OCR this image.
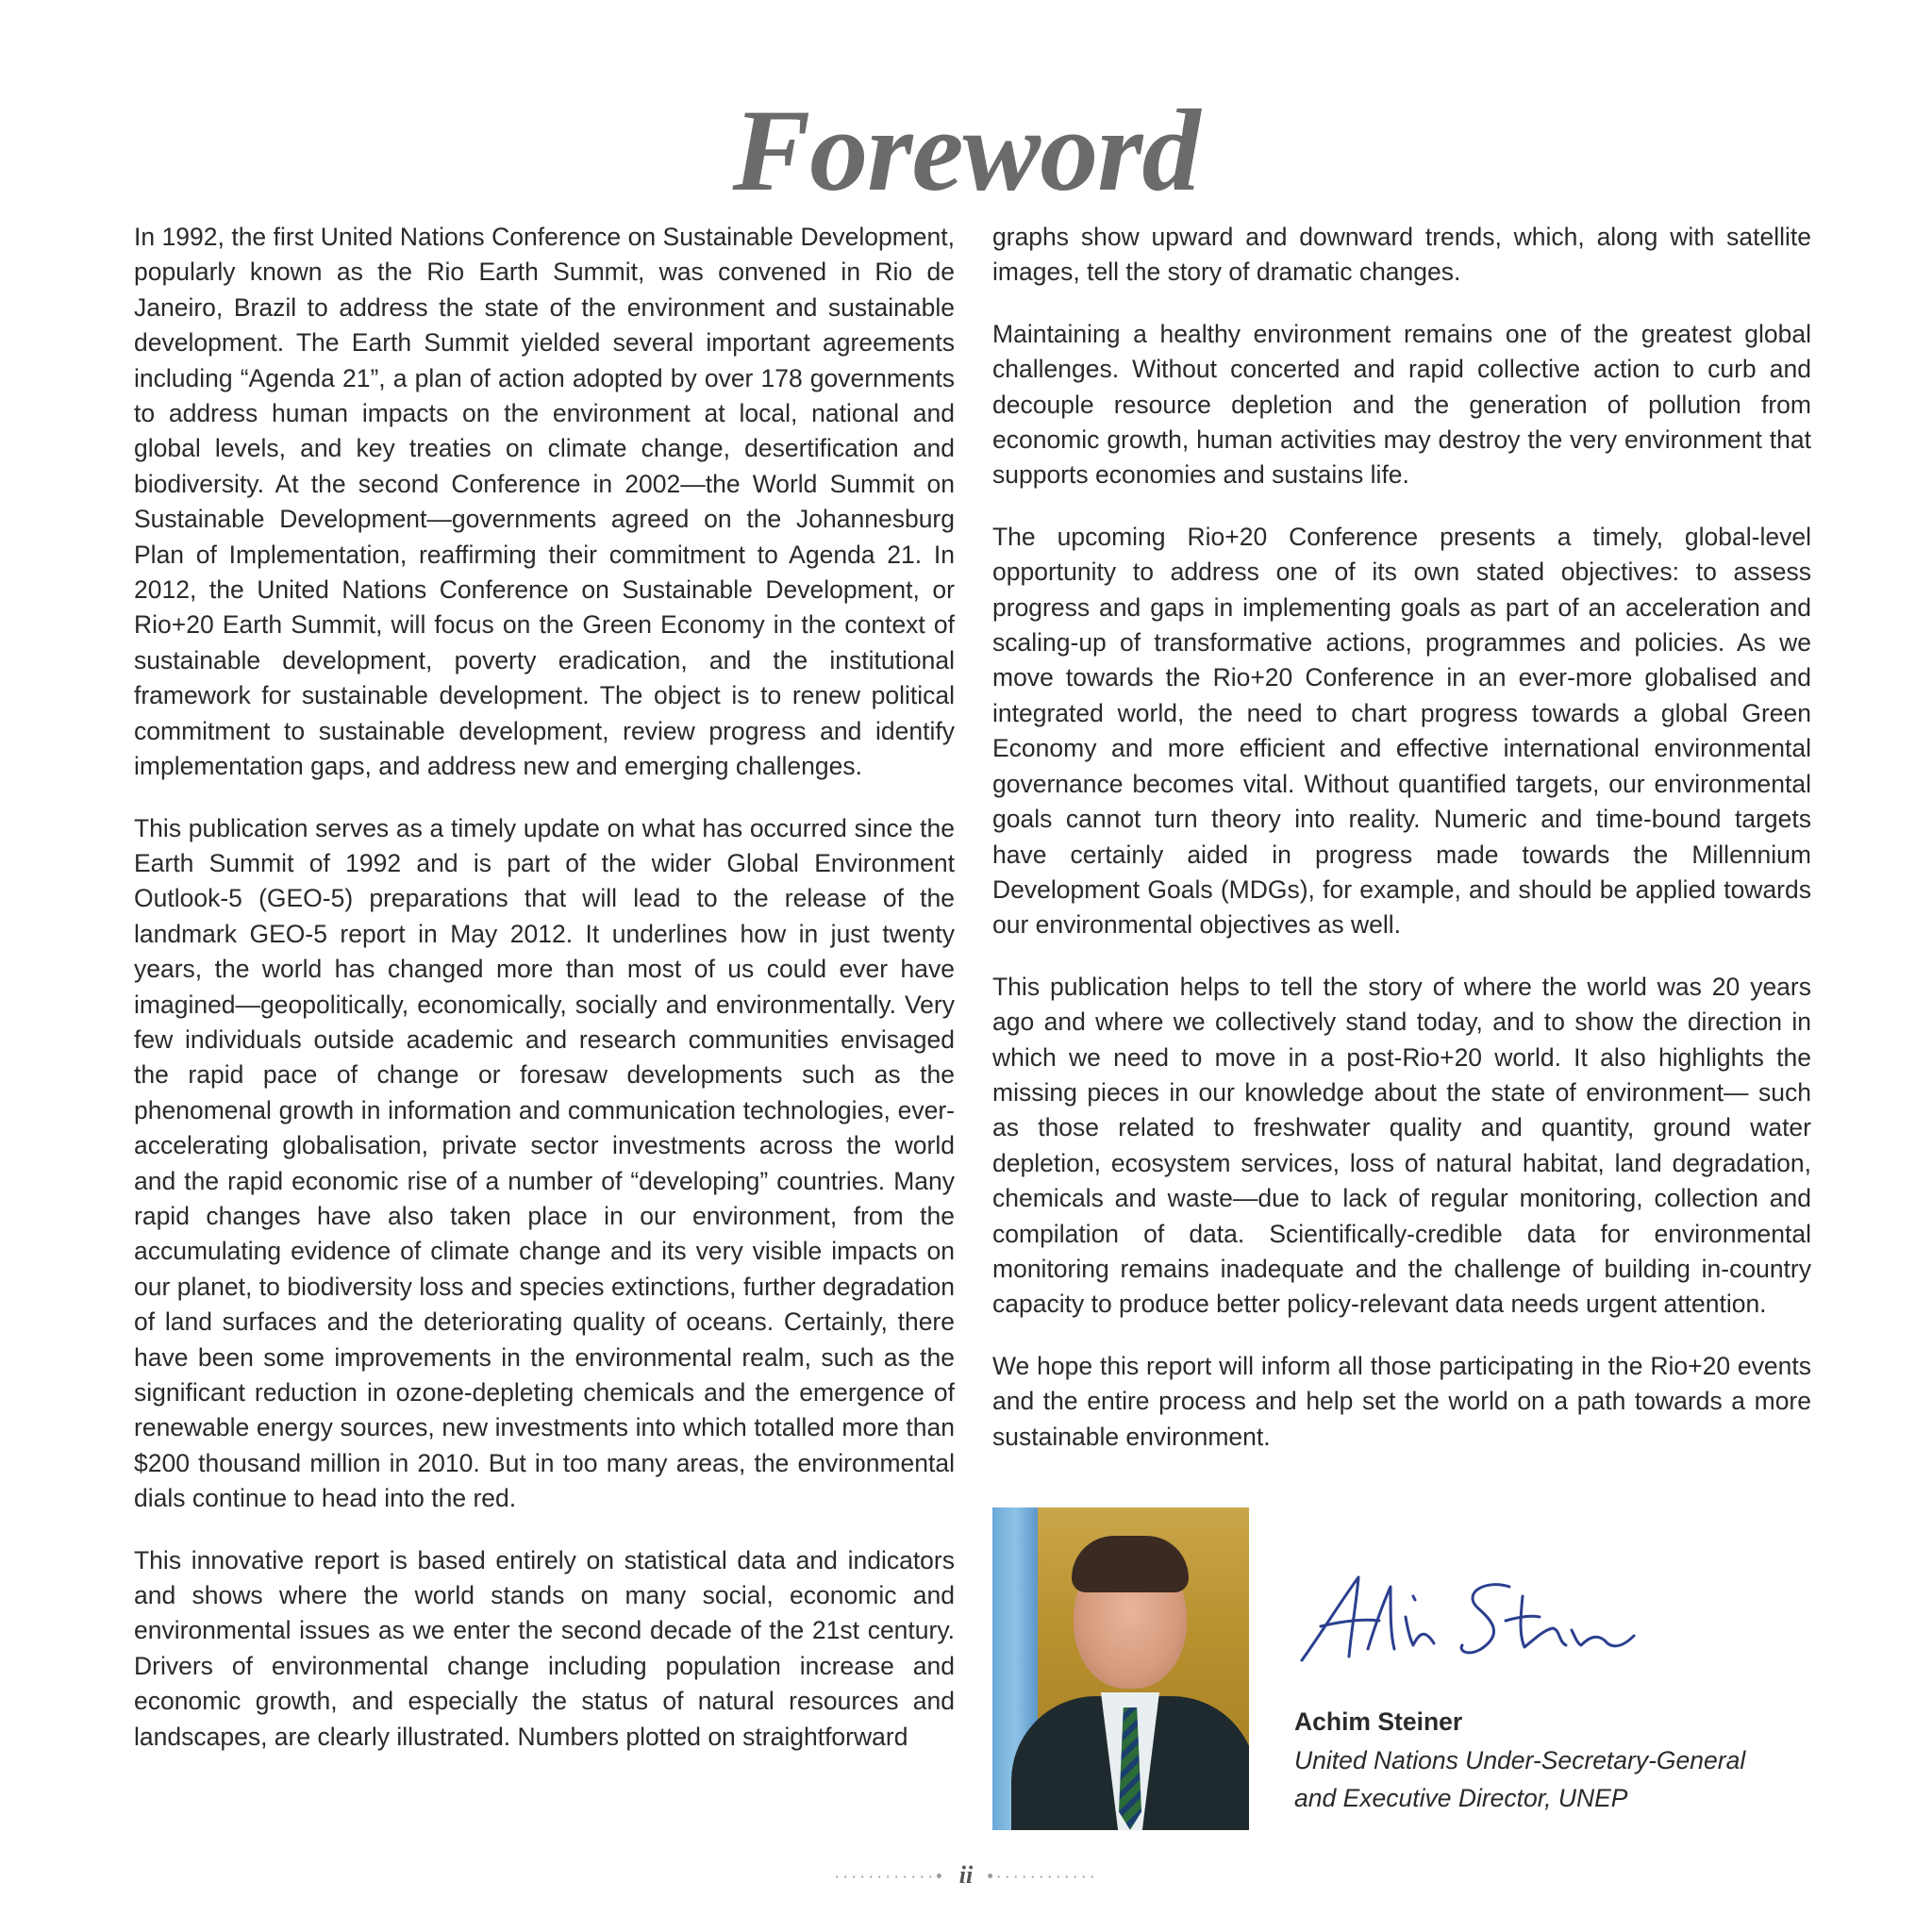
Foreword

In 1992, the first United Nations Conference on Sustainable Development, popularly known as the Rio Earth Summit, was convened in Rio de Janeiro, Brazil to address the state of the environment and sustainable development. The Earth Summit yielded several important agreements including “Agenda 21”, a plan of action adopted by over 178 governments to address human impacts on the environment at local, national and global levels, and key treaties on climate change, desertification and biodiversity. At the second Conference in 2002—the World Summit on Sustainable Development—governments agreed on the Johannesburg Plan of Implementation, reaffirming their commitment to Agenda 21. In 2012, the United Nations Conference on Sustainable Development, or Rio+20 Earth Summit, will focus on the Green Economy in the context of sustainable development, poverty eradication, and the institutional framework for sustainable development. The object is to renew political commitment to sustainable development, review progress and identify implementation gaps, and address new and emerging challenges.

This publication serves as a timely update on what has occurred since the Earth Summit of 1992 and is part of the wider Global Environment Outlook-5 (GEO-5) preparations that will lead to the release of the landmark GEO-5 report in May 2012. It underlines how in just twenty years, the world has changed more than most of us could ever have imagined—geopolitically, economically, socially and environmentally. Very few individuals outside academic and research communities envisaged the rapid pace of change or foresaw developments such as the phenomenal growth in information and communication technologies, ever-accelerating globalisation, private sector investments across the world and the rapid economic rise of a number of “developing” countries. Many rapid changes have also taken place in our environment, from the accumulating evidence of climate change and its very visible impacts on our planet, to biodiversity loss and species extinctions, further degradation of land surfaces and the deteriorating quality of oceans. Certainly, there have been some improvements in the environmental realm, such as the significant reduction in ozone-depleting chemicals and the emergence of renewable energy sources, new investments into which totalled more than $200 thousand million in 2010. But in too many areas, the environmental dials continue to head into the red.

This innovative report is based entirely on statistical data and indicators and shows where the world stands on many social, economic and environmental issues as we enter the second decade of the 21st century. Drivers of environmental change including population increase and economic growth, and especially the status of natural resources and landscapes, are clearly illustrated. Numbers plotted on straightforward

graphs show upward and downward trends, which, along with satellite images, tell the story of dramatic changes.

Maintaining a healthy environment remains one of the greatest global challenges. Without concerted and rapid collective action to curb and decouple resource depletion and the generation of pollution from economic growth, human activities may destroy the very environment that supports economies and sustains life.

The upcoming Rio+20 Conference presents a timely, global-level opportunity to address one of its own stated objectives: to assess progress and gaps in implementing goals as part of an acceleration and scaling-up of transformative actions, programmes and policies. As we move towards the Rio+20 Conference in an ever-more globalised and integrated world, the need to chart progress towards a global Green Economy and more efficient and effective international environmental governance becomes vital. Without quantified targets, our environmental goals cannot turn theory into reality. Numeric and time-bound targets have certainly aided in progress made towards the Millennium Development Goals (MDGs), for example, and should be applied towards our environmental objectives as well.

This publication helps to tell the story of where the world was 20 years ago and where we collectively stand today, and to show the direction in which we need to move in a post-Rio+20 world. It also highlights the missing pieces in our knowledge about the state of environment— such as those related to freshwater quality and quantity, ground water depletion, ecosystem services, loss of natural habitat, land degradation, chemicals and waste—due to lack of regular monitoring, collection and compilation of data. Scientifically-credible data for environmental monitoring remains inadequate and the challenge of building in-country capacity to produce better policy-relevant data needs urgent attention.

We hope this report will inform all those participating in the Rio+20 events and the entire process and help set the world on a path towards a more sustainable environment.

Achim Steiner
United Nations Under-Secretary-General
and Executive Director, UNEP
············• ii •············
